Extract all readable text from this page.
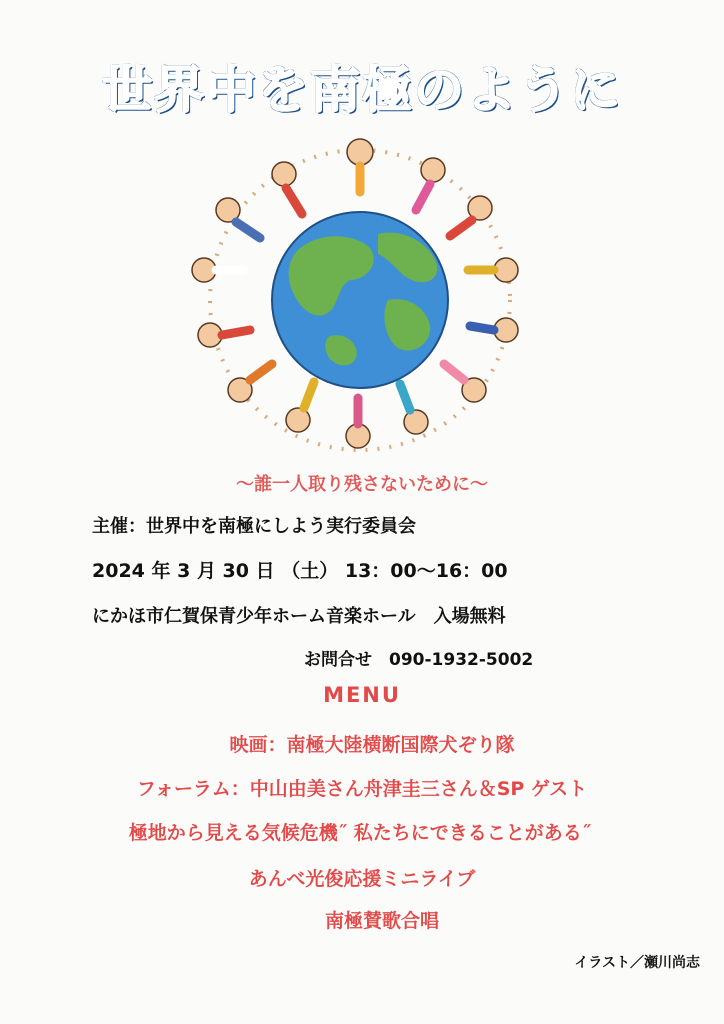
世界中を南極のように
～誰一人取り残さないために～
主催：世界中を南極にしよう実行委員会
2024 年 3 月 30 日 （土） 13：00～16：00
にかほ市仁賀保青少年ホーム音楽ホール　入場無料
お問合せ　090-1932-5002
MENU
映画：南極大陸横断国際犬ぞり隊
フォーラム：中山由美さん舟津圭三さん＆SP ゲスト
極地から見える気候危機˝ 私たちにできることがある˝
あんべ光俊応援ミニライブ
南極賛歌合唱
イラスト／瀬川尚志
